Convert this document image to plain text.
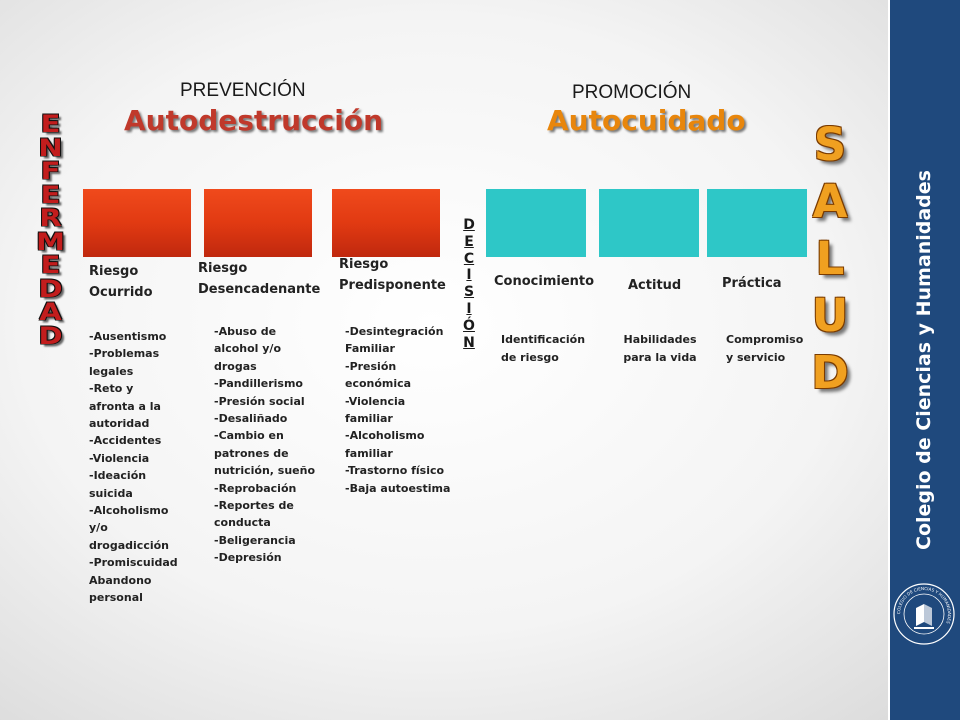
Colegio de Ciencias y Humanidades
COLEGIO DE CIENCIAS Y HUMANIDADES
PREVENCIÓN
Autodestrucción
PROMOCIÓN
Autocuidado
E
N
F
E
R
M
E
D
A
D
S
A
L
U
D
D
E
C
I
S
I
Ó
N
Riesgo
Ocurrido
Riesgo
Desencadenante
Riesgo
Predisponente
-Ausentismo
-Problemas legales
-Reto y afronta a la autoridad
-Accidentes
-Violencia
-Ideación suicida
-Alcoholismo y/o drogadicción
-Promiscuidad Abandono personal
-Abuso de alcohol y/o drogas
-Pandillerismo
-Presión social
-Desaliñado
-Cambio en patrones de nutrición, sueño
-Reprobación
-Reportes de conducta
-Beligerancia
-Depresión
-Desintegración Familiar
-Presión económica
-Violencia familiar
-Alcoholismo familiar
-Trastorno físico
-Baja autoestima
Conocimiento	Actitud	Práctica
Identificación de riesgo
Habilidades para la vida
Compromiso y servicio
